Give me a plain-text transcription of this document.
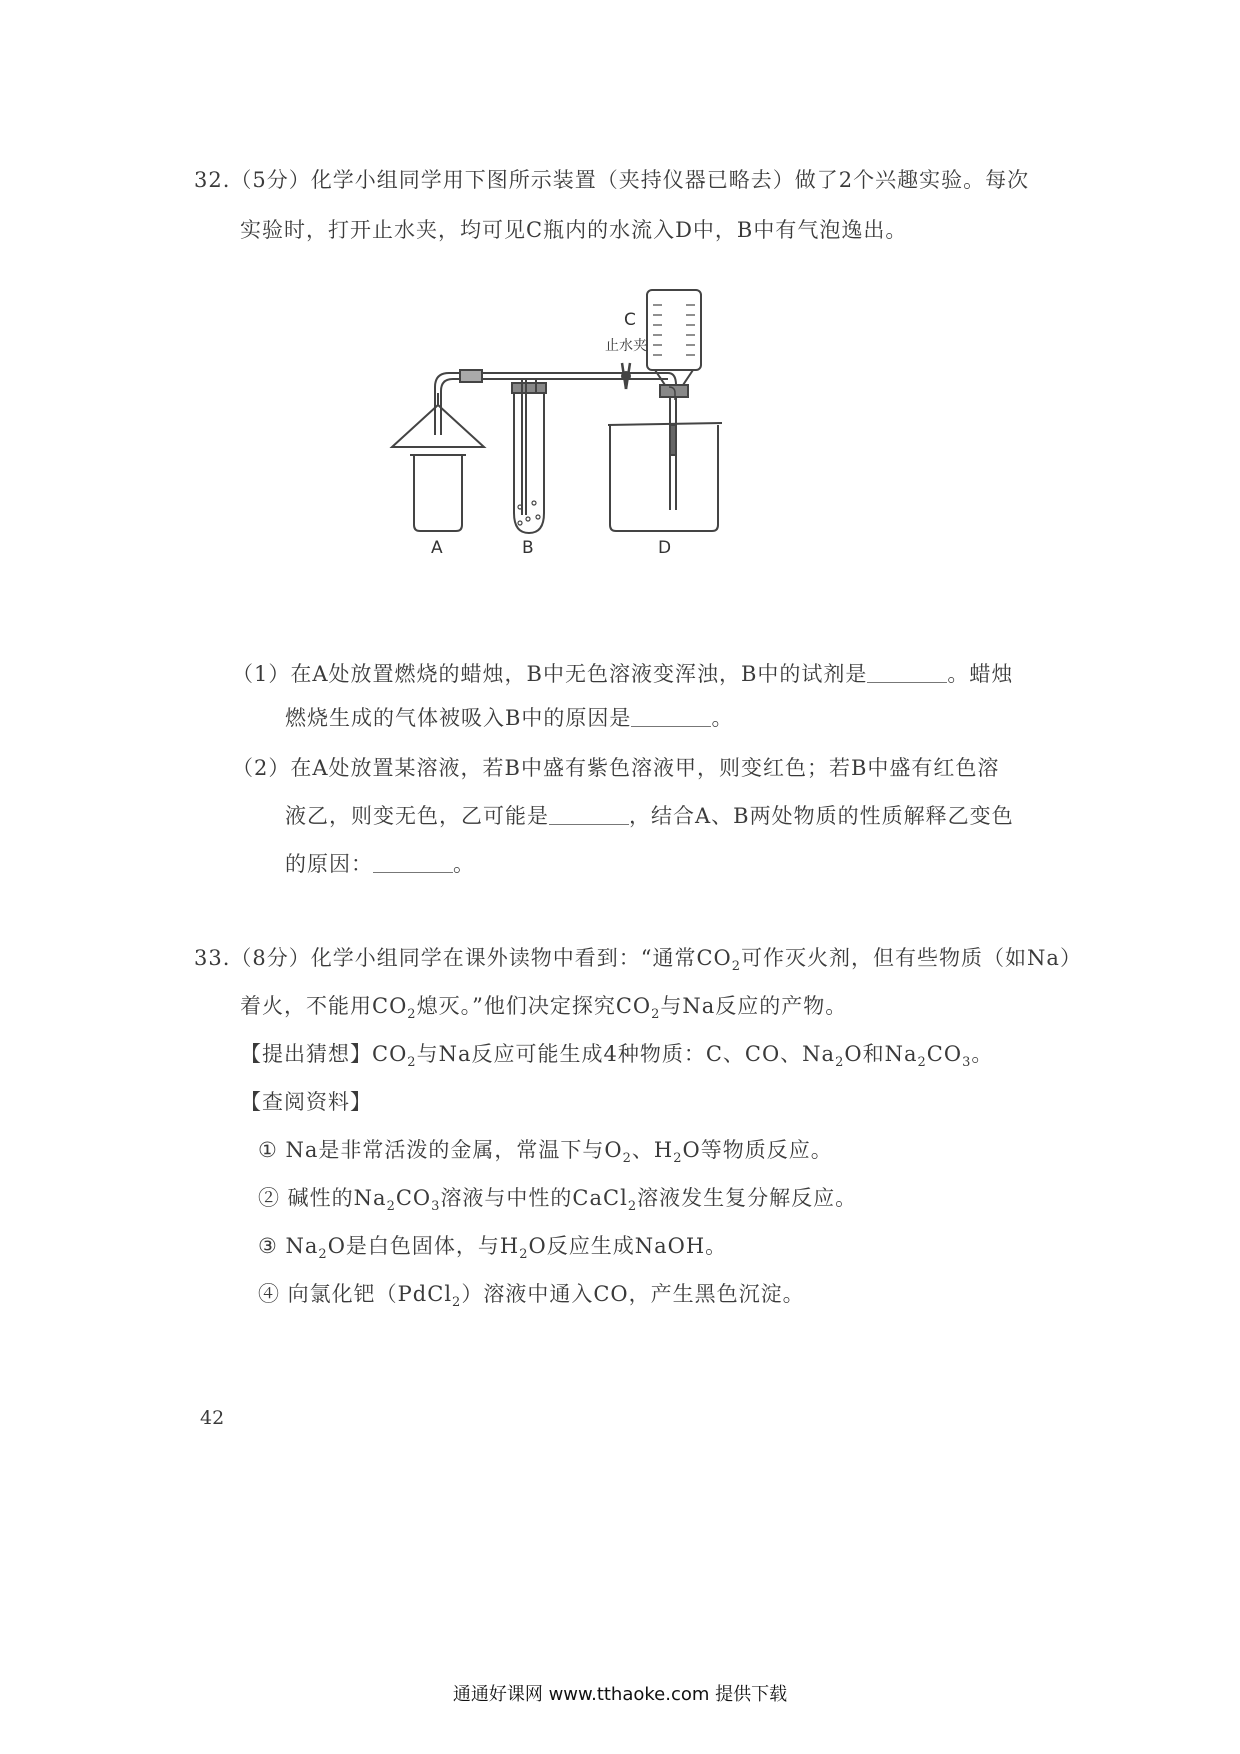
32.（5分）化学小组同学用下图所示装置（夹持仪器已略去）做了2个兴趣实验。每次
实验时，打开止水夹，均可见C瓶内的水流入D中，B中有气泡逸出。
C
止水夹
A	B	D
（1）在A处放置燃烧的蜡烛，B中无色溶液变浑浊，B中的试剂是	。蜡烛
燃烧生成的气体被吸入B中的原因是	。
（2）在A处放置某溶液，若B中盛有紫色溶液甲，则变红色；若B中盛有红色溶
液乙，则变无色，乙可能是	，结合A、B两处物质的性质解释乙变色
的原因：	。
33.（8分）化学小组同学在课外读物中看到：“通常$CO_2$可作灭火剂，但有些物质（如Na）
着火，不能用$CO_2$熄灭。”他们决定探究$CO_2$与Na反应的产物。
【提出猜想】$CO_2$与Na反应可能生成4种物质：C、CO、$Na_2O$和$Na_2CO_3$。
【查阅资料】
① Na是非常活泼的金属，常温下与$O_2$、$H_2O$等物质反应。
② 碱性的$Na_2CO_3$溶液与中性的CaCl$_2$溶液发生复分解反应。
③ $Na_2O$是白色固体，与$H_2O$反应生成NaOH。
④ 向氯化钯（PdCl$_2$）溶液中通入CO，产生黑色沉淀。
42
通通好课网 www.tthaoke.com 提供下载
